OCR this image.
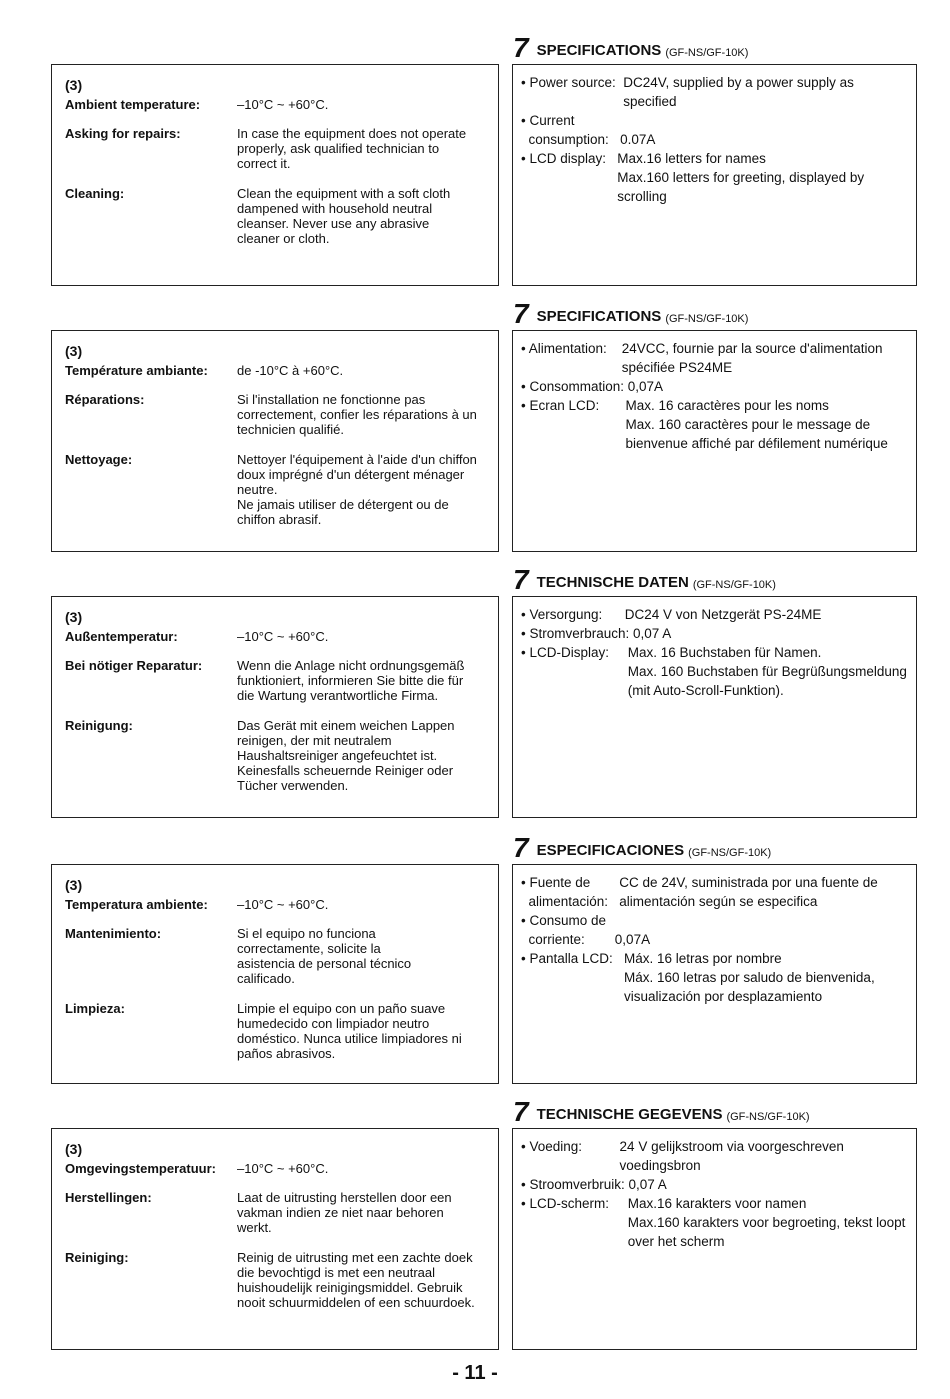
7 SPECIFICATIONS (GF-NS/GF-10K)
(3)
Ambient temperature:	–10°C ~ +60°C.
Asking for repairs:	In case the equipment does not operate properly, ask qualified technician to correct it.
Cleaning:	Clean the equipment with a soft cloth dampened with household neutral cleanser. Never use any abrasive cleaner or cloth.
• Power source: DC24V, supplied by a power supply as specified
• Current
consumption:
0.07A
• LCD display: Max.16 letters for names
Max.160 letters for greeting, displayed by scrolling
7 SPECIFICATIONS (GF-NS/GF-10K)
(3)
Température ambiante:	de -10°C à +60°C.
Réparations:	Si l'installation ne fonctionne pas correctement, confier les réparations à un technicien qualifié.
Nettoyage:	Nettoyer l'équipement à l'aide d'un chiffon doux imprégné d'un détergent ménager neutre.
Ne jamais utiliser de détergent ou de chiffon abrasif.
• Alimentation: 24VCC, fournie par la source d'alimentation spécifiée PS24ME
• Consommation: 0,07A
• Ecran LCD: Max. 16 caractères pour les noms
Max. 160 caractères pour le message de bienvenue affiché par défilement numérique
7 TECHNISCHE DATEN (GF-NS/GF-10K)
(3)
Außentemperatur:	–10°C ~ +60°C.
Bei nötiger Reparatur:	Wenn die Anlage nicht ordnungsgemäß funktioniert, informieren Sie bitte die für die Wartung verantwortliche Firma.
Reinigung:	Das Gerät mit einem weichen Lappen reinigen, der mit neutralem Haushaltsreiniger angefeuchtet ist. Keinesfalls scheuernde Reiniger oder Tücher verwenden.
• Versorgung: DC24 V von Netzgerät PS-24ME
• Stromverbrauch: 0,07 A
• LCD-Display: Max. 16 Buchstaben für Namen.
Max. 160 Buchstaben für Begrüßungsmeldung (mit Auto-Scroll-Funktion).
7 ESPECIFICACIONES (GF-NS/GF-10K)
(3)
Temperatura ambiente:	–10°C ~ +60°C.
Mantenimiento:	Si el equipo no funciona correctamente, solicite la asistencia de personal técnico calificado.
Limpieza:	Limpie el equipo con un paño suave humedecido con limpiador neutro doméstico. Nunca utilice limpiadores ni paños abrasivos.
• Fuente de
alimentación:
CC de 24V, suministrada por una fuente de alimentación según se especifica
• Consumo de
corriente:	
0,07A
• Pantalla LCD: Máx. 16 letras por nombre
Máx. 160 letras por saludo de bienvenida, visualización por desplazamiento
7 TECHNISCHE GEGEVENS (GF-NS/GF-10K)
(3)
Omgevingstemperatuur:	–10°C ~ +60°C.
Herstellingen:	Laat de uitrusting herstellen door een vakman indien ze niet naar behoren werkt.
Reiniging:	Reinig de uitrusting met een zachte doek die bevochtigd is met een neutraal huishoudelijk reinigingsmiddel. Gebruik nooit schuurmiddelen of een schuurdoek.
• Voeding: 24 V gelijkstroom via voorgeschreven voedingsbron
• Stroomverbruik: 0,07 A
• LCD-scherm: Max.16 karakters voor namen
Max.160 karakters voor begroeting, tekst loopt over het scherm
- 11 -
